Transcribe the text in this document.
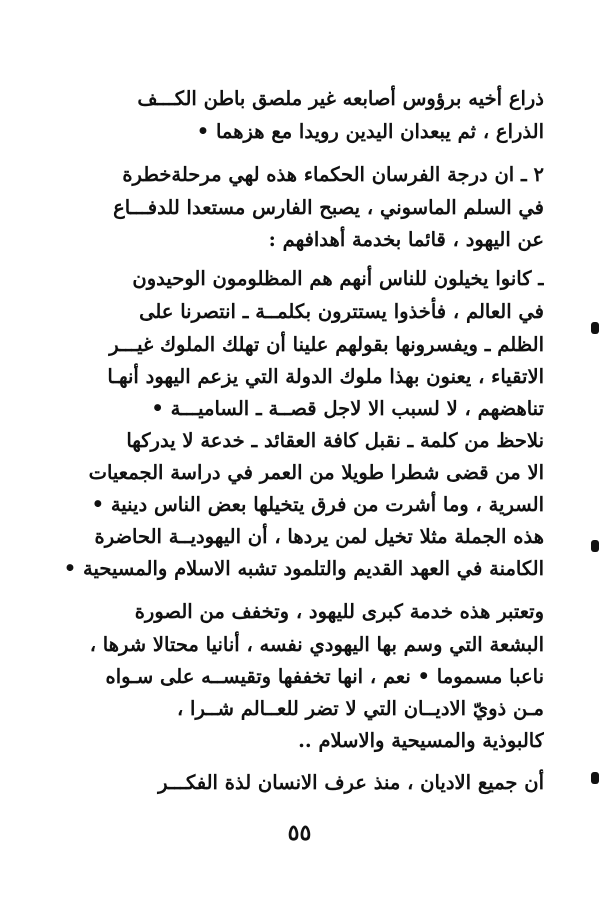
ذراع أخيه برؤوس أصابعه غير ملصق باطن الكـــف
الذراع ، ثم يبعدان اليدين رويدا مع هزهما •
٢ ـ ان درجة الفرسان الحكماء هذه لهي مرحلةخطرة
في السلم الماسوني ، يصبح الفارس مستعدا للدفـــاع
عن اليهود ، قائما بخدمة أهدافهم :
ـ كانوا يخيلون للناس أنهم هم المظلومون الوحيدون
في العالم ، فأخذوا يستترون بكلمــة ـ انتصرنا على
الظلم ـ ويفسرونها بقولهم علينا أن تهلك الملوك غيـــر
الاتقياء ، يعنون بهذا ملوك الدولة التي يزعم اليهود أنهـا
تناهضهم ، لا لسبب الا لاجل قصــة ـ الساميـــة •
نلاحظ من كلمة ـ نقبل كافة العقائد ـ خدعة لا يدركها
الا من قضى شطرا طويلا من العمر في دراسة الجمعيات
السرية ، وما أشرت من فرق يتخيلها بعض الناس دينية •
هذه الجملة مثلا تخيل لمن يردها ، أن اليهوديــة الحاضرة
الكامنة في العهد القديم والتلمود تشبه الاسلام والمسيحية •
وتعتبر هذه خدمة كبرى لليهود ، وتخفف من الصورة
البشعة التي وسم بها اليهودي نفسه ، أنانيا محتالا شرها ،
ناعبا مسموما • نعم ، انها تخففها وتقيســه على سـواه
مـن ذويّ الاديــان التي لا تضر للعــالم شــرا ،
كالبوذية والمسيحية والاسلام ..
أن جميع الاديان ، منذ عرف الانسان لذة الفكـــر
٥٥
